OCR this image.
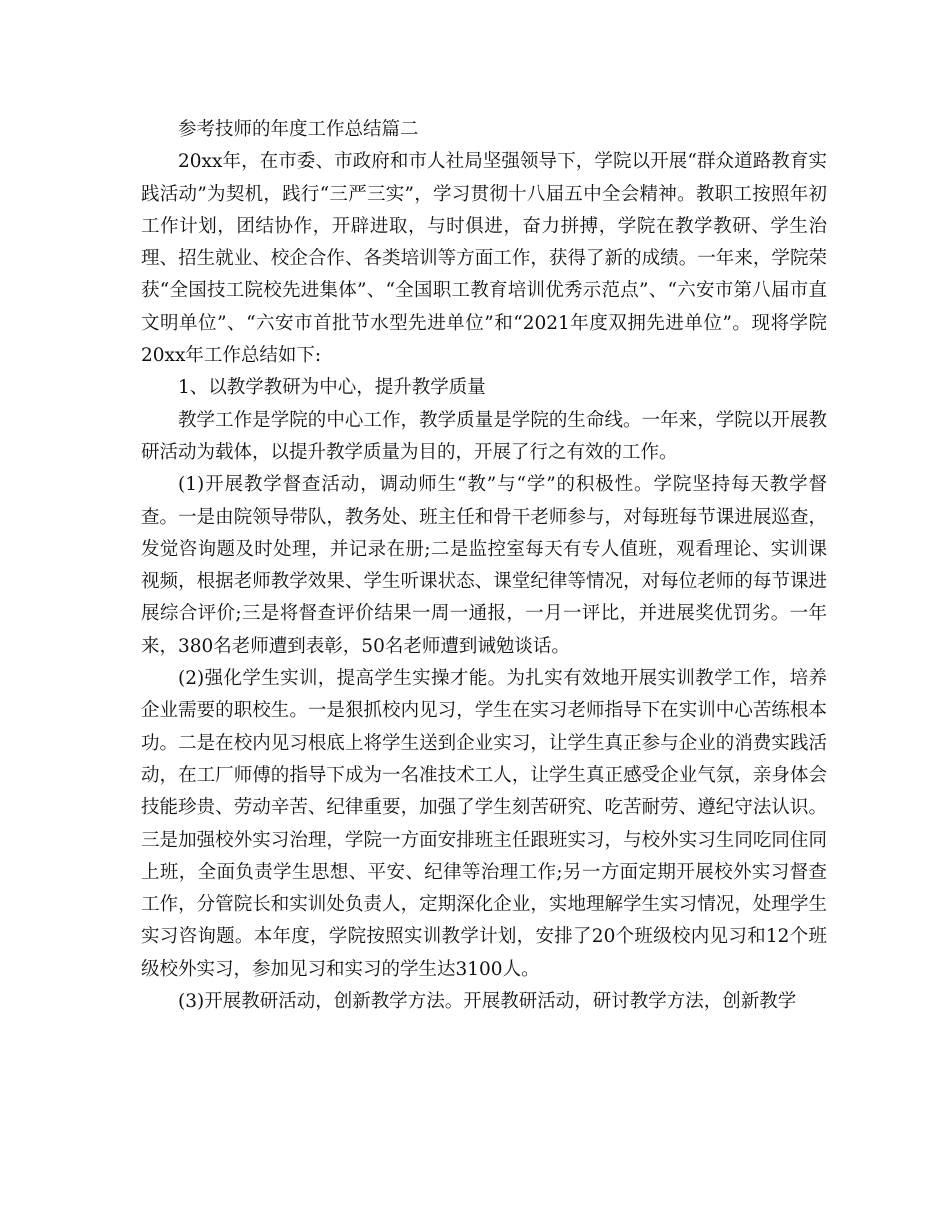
参考技师的年度工作总结篇二

20xx年，在市委、市政府和市人社局坚强领导下，学院以开展“群众道路教育实践活动”为契机，践行“三严三实”，学习贯彻十八届五中全会精神。教职工按照年初工作计划，团结协作，开辟进取，与时俱进，奋力拼搏，学院在教学教研、学生治理、招生就业、校企合作、各类培训等方面工作，获得了新的成绩。一年来，学院荣获“全国技工院校先进集体”、“全国职工教育培训优秀示范点”、“六安市第八届市直文明单位”、“六安市首批节水型先进单位”和“2021年度双拥先进单位”。现将学院20xx年工作总结如下:

1、以教学教研为中心，提升教学质量

教学工作是学院的中心工作，教学质量是学院的生命线。一年来，学院以开展教研活动为载体，以提升教学质量为目的，开展了行之有效的工作。

(1)开展教学督查活动，调动师生“教”与“学”的积极性。学院坚持每天教学督查。一是由院领导带队，教务处、班主任和骨干老师参与，对每班每节课进展巡查，发觉咨询题及时处理，并记录在册;二是监控室每天有专人值班，观看理论、实训课视频，根据老师教学效果、学生听课状态、课堂纪律等情况，对每位老师的每节课进展综合评价;三是将督查评价结果一周一通报，一月一评比，并进展奖优罚劣。一年来，380名老师遭到表彰，50名老师遭到诫勉谈话。

(2)强化学生实训，提高学生实操才能。为扎实有效地开展实训教学工作，培养企业需要的职校生。一是狠抓校内见习，学生在实习老师指导下在实训中心苦练根本功。二是在校内见习根底上将学生送到企业实习，让学生真正参与企业的消费实践活动，在工厂师傅的指导下成为一名准技术工人，让学生真正感受企业气氛，亲身体会技能珍贵、劳动辛苦、纪律重要，加强了学生刻苦研究、吃苦耐劳、遵纪守法认识。三是加强校外实习治理，学院一方面安排班主任跟班实习，与校外实习生同吃同住同上班，全面负责学生思想、平安、纪律等治理工作;另一方面定期开展校外实习督查工作，分管院长和实训处负责人，定期深化企业，实地理解学生实习情况，处理学生实习咨询题。本年度，学院按照实训教学计划，安排了20个班级校内见习和12个班级校外实习，参加见习和实习的学生达3100人。

(3)开展教研活动，创新教学方法。开展教研活动，研讨教学方法，创新教学
